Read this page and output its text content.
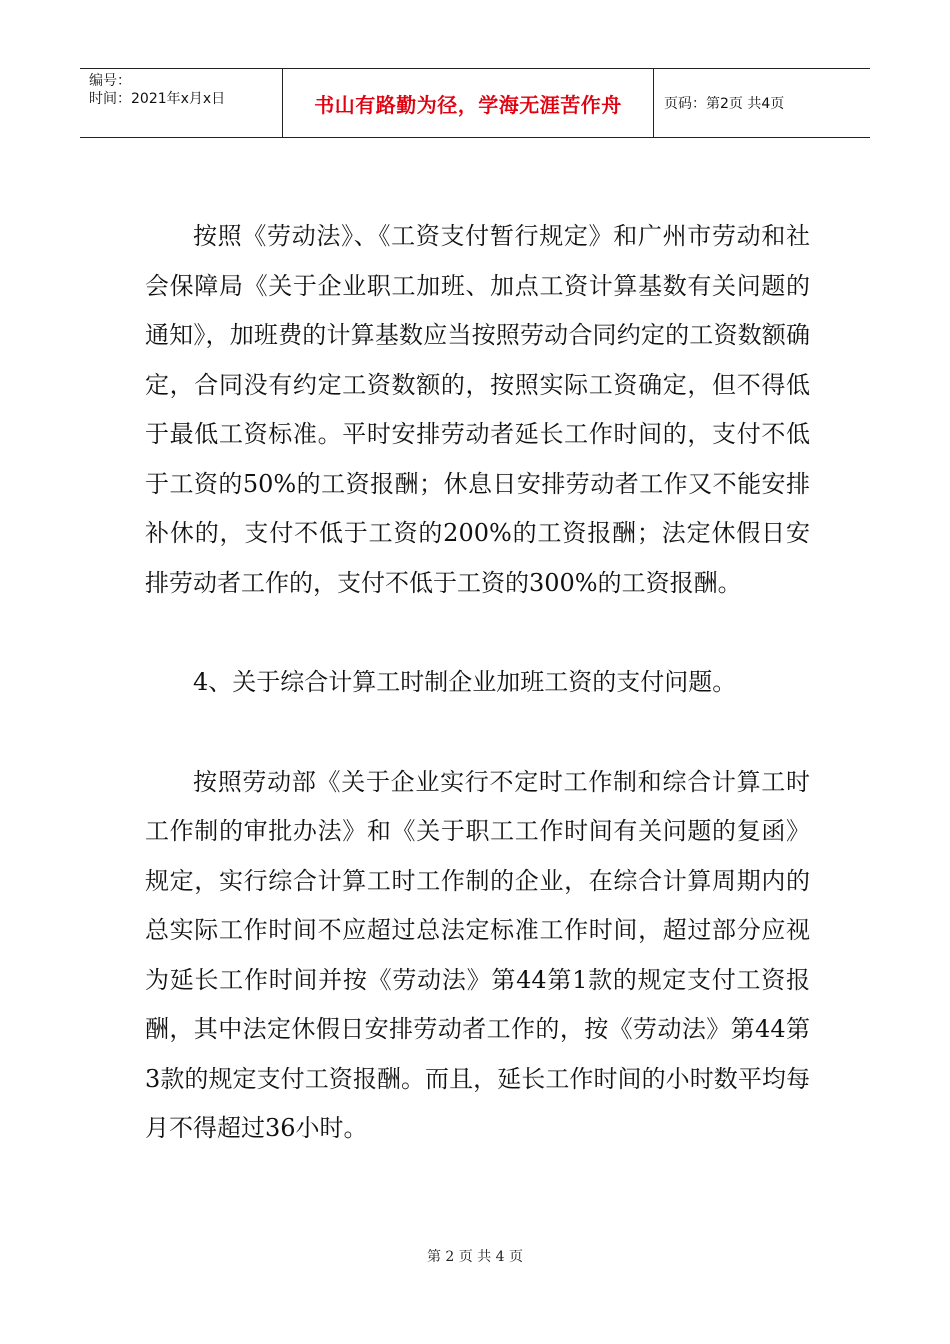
编号：
时间：2021年x月x日	书山有路勤为径，学海无涯苦作舟	页码：第2页 共4页

按照《劳动法》、《工资支付暂行规定》和广州市劳动和社会保障局《关于企业职工加班、加点工资计算基数有关问题的通知》，加班费的计算基数应当按照劳动合同约定的工资数额确定，合同没有约定工资数额的，按照实际工资确定，但不得低于最低工资标准。平时安排劳动者延长工作时间的，支付不低于工资的50%的工资报酬；休息日安排劳动者工作又不能安排补休的，支付不低于工资的200%的工资报酬；法定休假日安排劳动者工作的，支付不低于工资的300%的工资报酬。

4、关于综合计算工时制企业加班工资的支付问题。

按照劳动部《关于企业实行不定时工作制和综合计算工时工作制的审批办法》和《关于职工工作时间有关问题的复函》规定，实行综合计算工时工作制的企业，在综合计算周期内的总实际工作时间不应超过总法定标准工作时间，超过部分应视为延长工作时间并按《劳动法》第44第1款的规定支付工资报酬，其中法定休假日安排劳动者工作的，按《劳动法》第44第3款的规定支付工资报酬。而且，延长工作时间的小时数平均每月不得超过36小时。

第 2 页 共 4 页
